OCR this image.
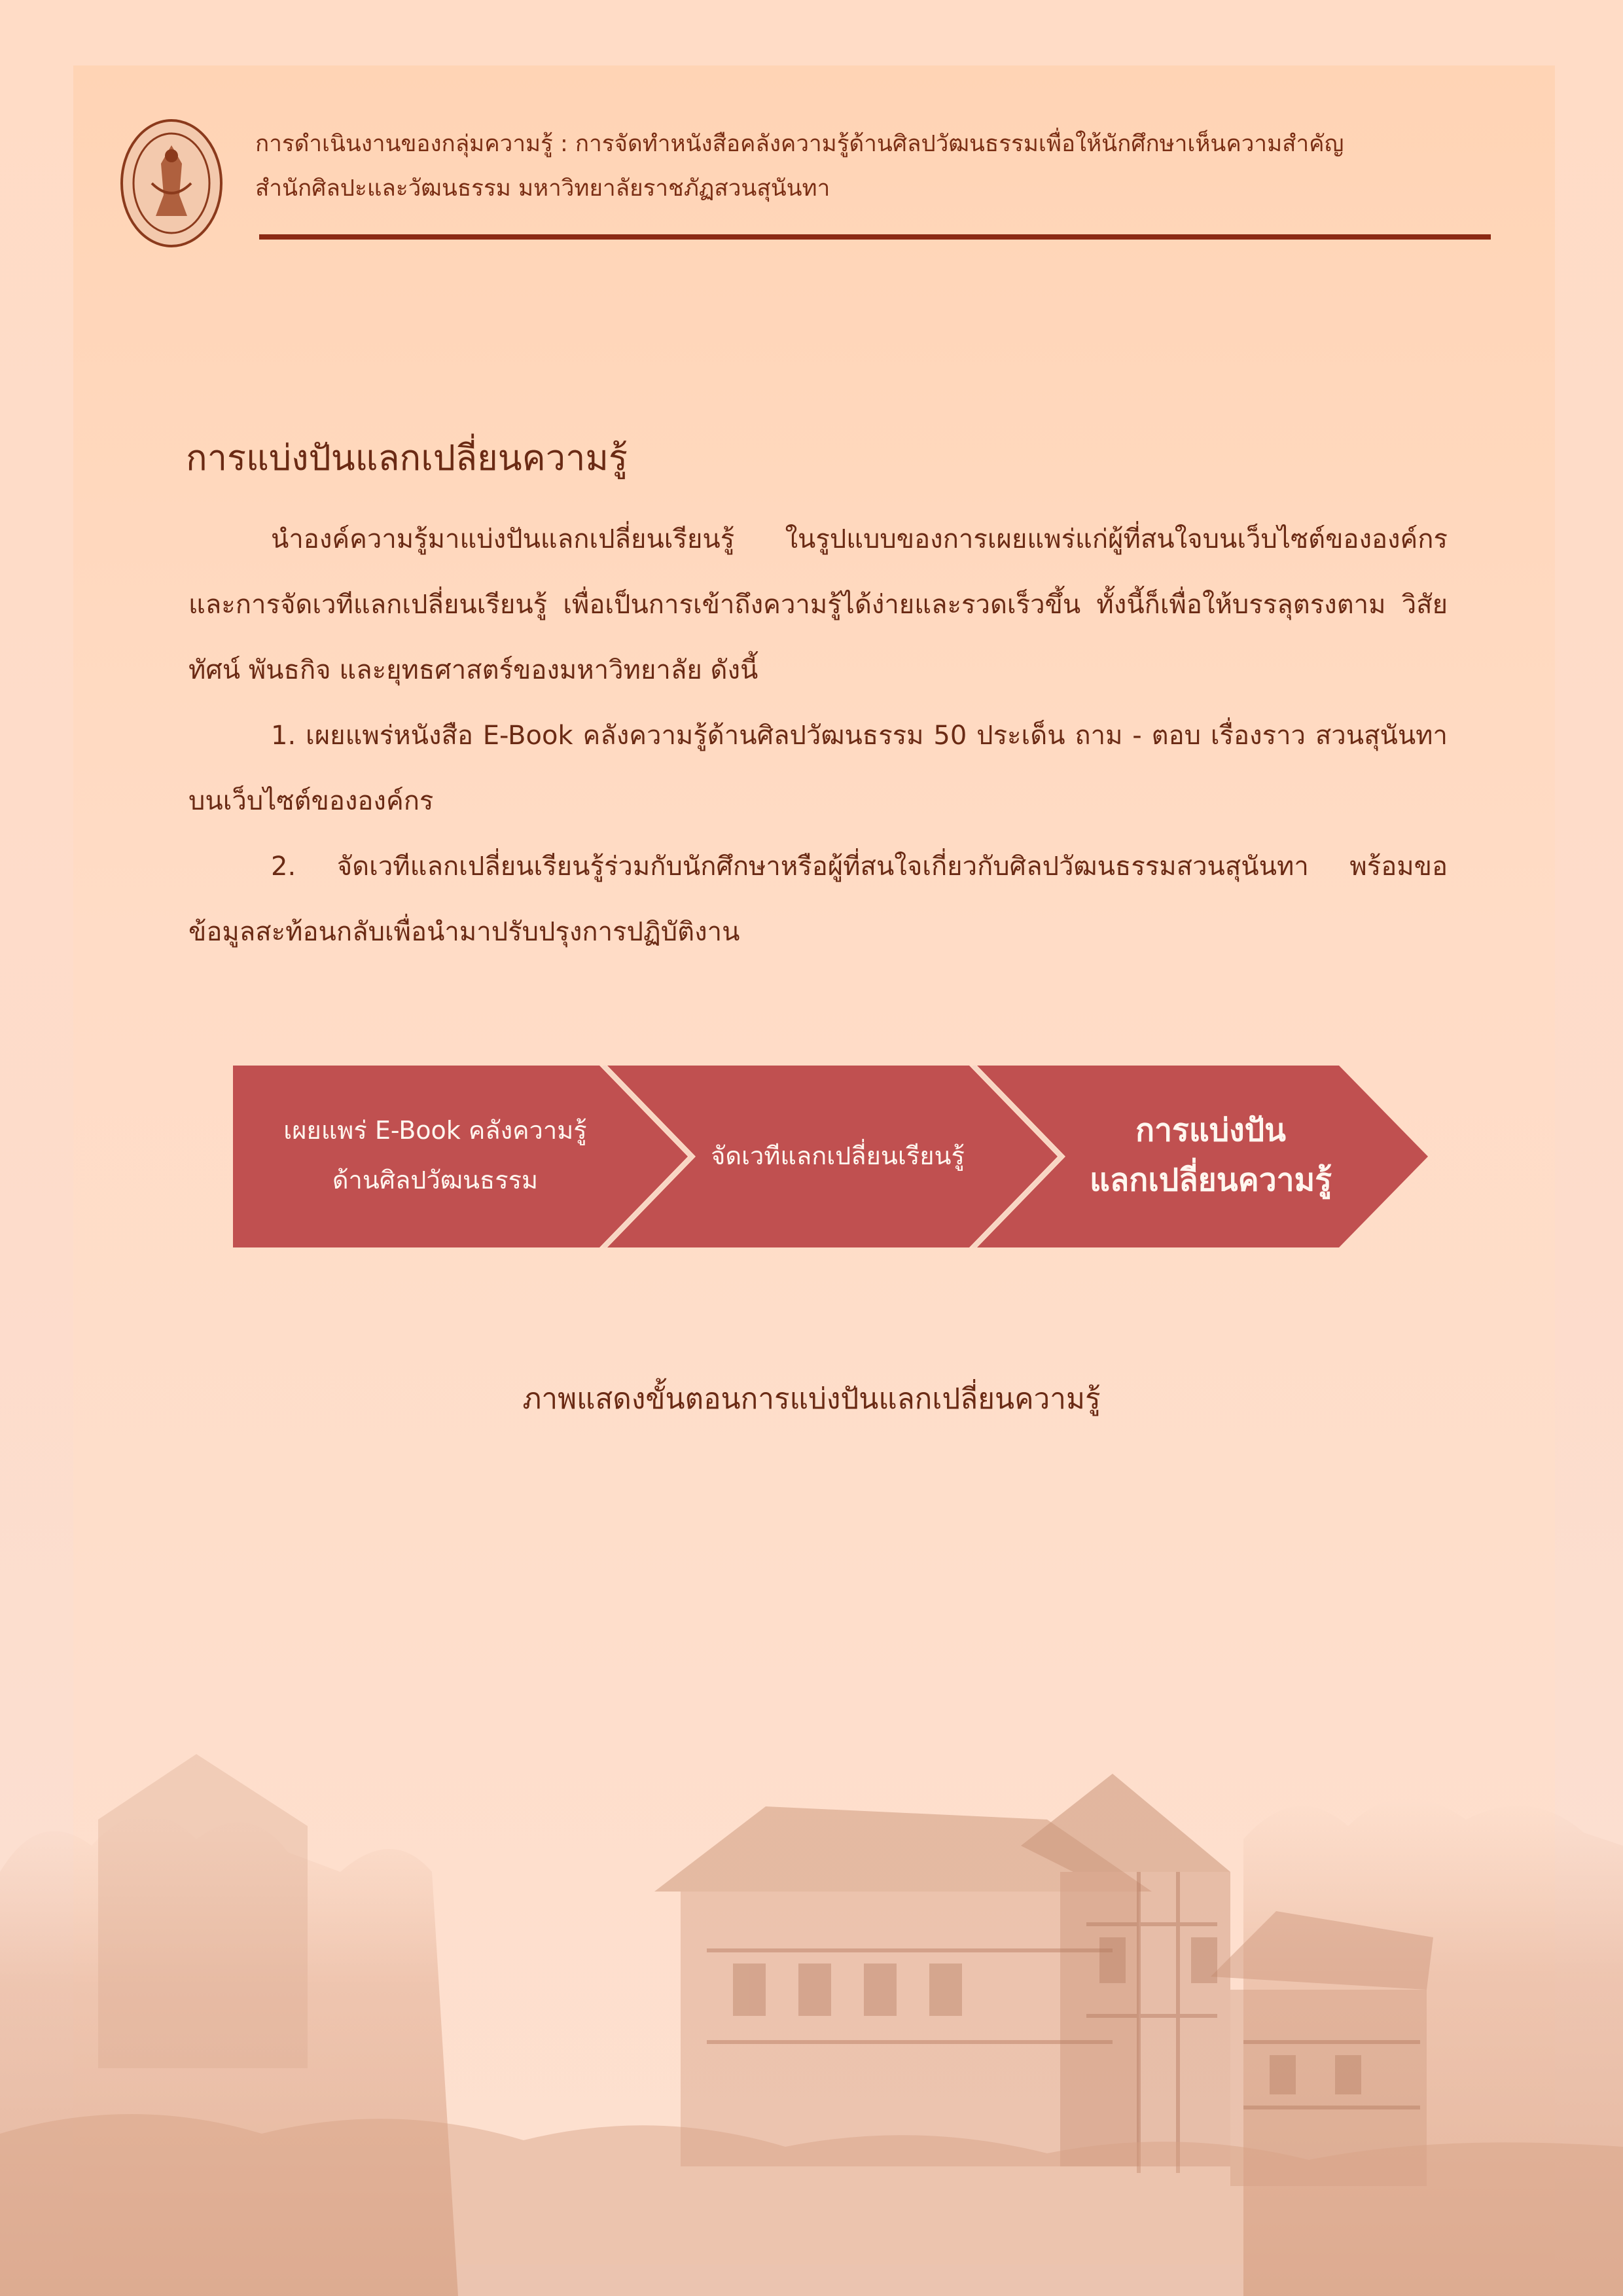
การดำเนินงานของกลุ่มความรู้ : การจัดทำหนังสือคลังความรู้ด้านศิลปวัฒนธรรมเพื่อให้นักศึกษาเห็นความสำคัญ
สำนักศิลปะและวัฒนธรรม มหาวิทยาลัยราชภัฏสวนสุนันทา
การแบ่งปันแลกเปลี่ยนความรู้
นำองค์ความรู้มาแบ่งปันแลกเปลี่ยนเรียนรู้ ในรูปแบบของการเผยแพร่แก่ผู้ที่สนใจบนเว็บไซต์ขององค์กร และการจัดเวทีแลกเปลี่ยนเรียนรู้ เพื่อเป็นการเข้าถึงความรู้ได้ง่ายและรวดเร็วขึ้น ทั้งนี้ก็เพื่อให้บรรลุตรงตาม วิสัยทัศน์ พันธกิจ และยุทธศาสตร์ของมหาวิทยาลัย ดังนี้
1. เผยแพร่หนังสือ E-Book คลังความรู้ด้านศิลปวัฒนธรรม 50 ประเด็น ถาม - ตอบ เรื่องราว สวนสุนันทา บนเว็บไซต์ขององค์กร
2. จัดเวทีแลกเปลี่ยนเรียนรู้ร่วมกับนักศึกษาหรือผู้ที่สนใจเกี่ยวกับศิลปวัฒนธรรมสวนสุนันทา พร้อมขอ ข้อมูลสะท้อนกลับเพื่อนำมาปรับปรุงการปฏิบัติงาน
เผยแพร่ E-Book คลังความรู้
ด้านศิลปวัฒนธรรม
จัดเวทีแลกเปลี่ยนเรียนรู้
การแบ่งปัน
แลกเปลี่ยนความรู้
ภาพแสดงขั้นตอนการแบ่งปันแลกเปลี่ยนความรู้
